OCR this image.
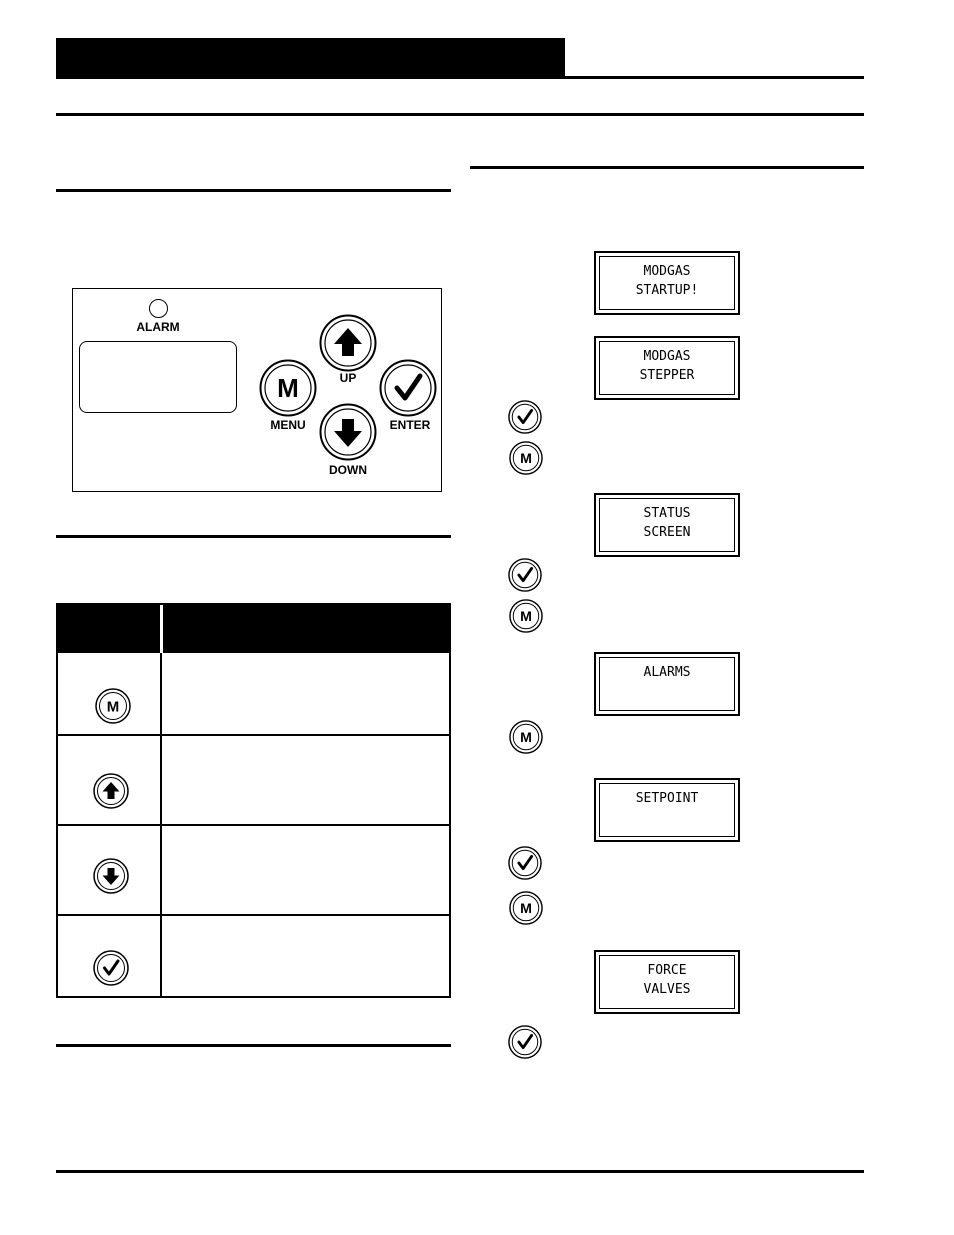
ALARM
M
MENU
UP
ENTER
DOWN
M
MODGAS
STARTUP!
MODGAS
STEPPER
STATUS
SCREEN
ALARMS
SETPOINT
FORCE
VALVES
M
M
M
M
